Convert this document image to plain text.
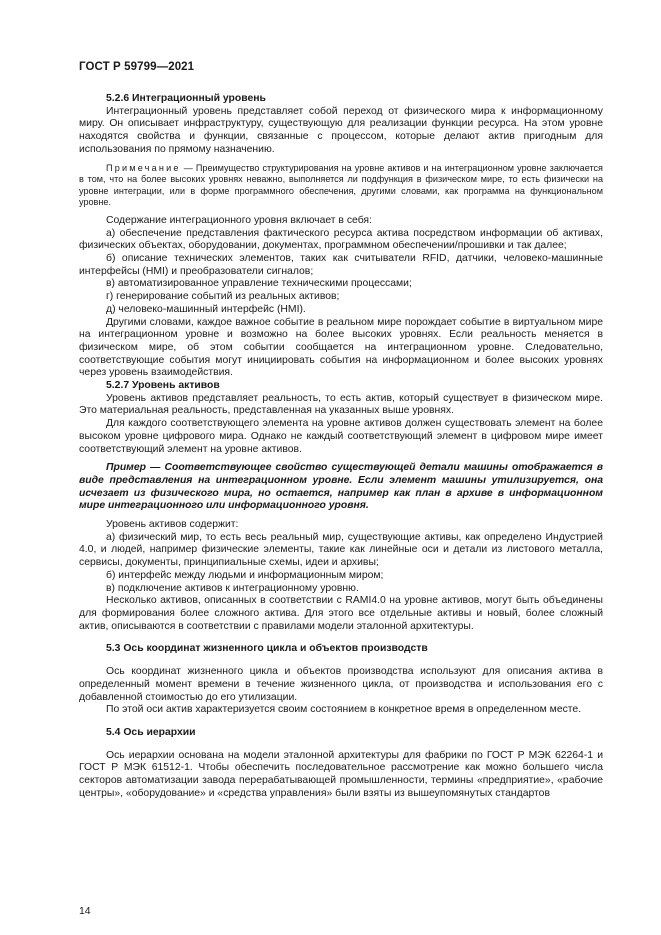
ГОСТ Р 59799—2021

5.2.6 Интеграционный уровень

Интеграционный уровень представляет собой переход от физического мира к информационному миру. Он описывает инфраструктуру, существующую для реализации функции ресурса. На этом уровне находятся свойства и функции, связанные с процессом, которые делают актив пригодным для использования по прямому назначению.

Примечание — Преимущество структурирования на уровне активов и на интеграционном уровне заключается в том, что на более высоких уровнях неважно, выполняется ли подфункция в физическом мире, то есть физически на уровне интеграции, или в форме программного обеспечения, другими словами, как программа на функциональном уровне.

Содержание интеграционного уровня включает в себя:

а) обеспечение представления фактического ресурса актива посредством информации об активах, физических объектах, оборудовании, документах, программном обеспечении/прошивки и так далее;

б) описание технических элементов, таких как считыватели RFID, датчики, человеко-машинные интерфейсы (HMI) и преобразователи сигналов;

в) автоматизированное управление техническими процессами;

г) генерирование событий из реальных активов;

д) человеко-машинный интерфейс (HMI).

Другими словами, каждое важное событие в реальном мире порождает событие в виртуальном мире на интеграционном уровне и возможно на более высоких уровнях. Если реальность меняется в физическом мире, об этом событии сообщается на интеграционном уровне. Следовательно, соответствующие события могут инициировать события на информационном и более высоких уровнях через уровень взаимодействия.

5.2.7 Уровень активов

Уровень активов представляет реальность, то есть актив, который существует в физическом мире. Это материальная реальность, представленная на указанных выше уровнях.

Для каждого соответствующего элемента на уровне активов должен существовать элемент на более высоком уровне цифрового мира. Однако не каждый соответствующий элемент в цифровом мире имеет соответствующий элемент на уровне активов.

Пример — Соответствующее свойство существующей детали машины отображается в виде представления на интеграционном уровне. Если элемент машины утилизируется, она исчезает из физического мира, но остается, например как план в архиве в информационном мире интеграционного или информационного уровня.

Уровень активов содержит:

а) физический мир, то есть весь реальный мир, существующие активы, как определено Индустрией 4.0, и людей, например физические элементы, такие как линейные оси и детали из листового металла, сервисы, документы, принципиальные схемы, идеи и архивы;

б) интерфейс между людьми и информационным миром;

в) подключение активов к интеграционному уровню.

Несколько активов, описанных в соответствии с RAMI4.0 на уровне активов, могут быть объединены для формирования более сложного актива. Для этого все отдельные активы и новый, более сложный актив, описываются в соответствии с правилами модели эталонной архитектуры.

5.3 Ось координат жизненного цикла и объектов производств

Ось координат жизненного цикла и объектов производства используют для описания актива в определенный момент времени в течение жизненного цикла, от производства и использования его с добавленной стоимостью до его утилизации.

По этой оси актив характеризуется своим состоянием в конкретное время в определенном месте.

5.4 Ось иерархии

Ось иерархии основана на модели эталонной архитектуры для фабрики по ГОСТ Р МЭК 62264-1 и ГОСТ Р МЭК 61512-1. Чтобы обеспечить последовательное рассмотрение как можно большего числа секторов автоматизации завода перерабатывающей промышленности, термины «предприятие», «рабочие центры», «оборудование» и «средства управления» были взяты из вышеупомянутых стандартов

14
